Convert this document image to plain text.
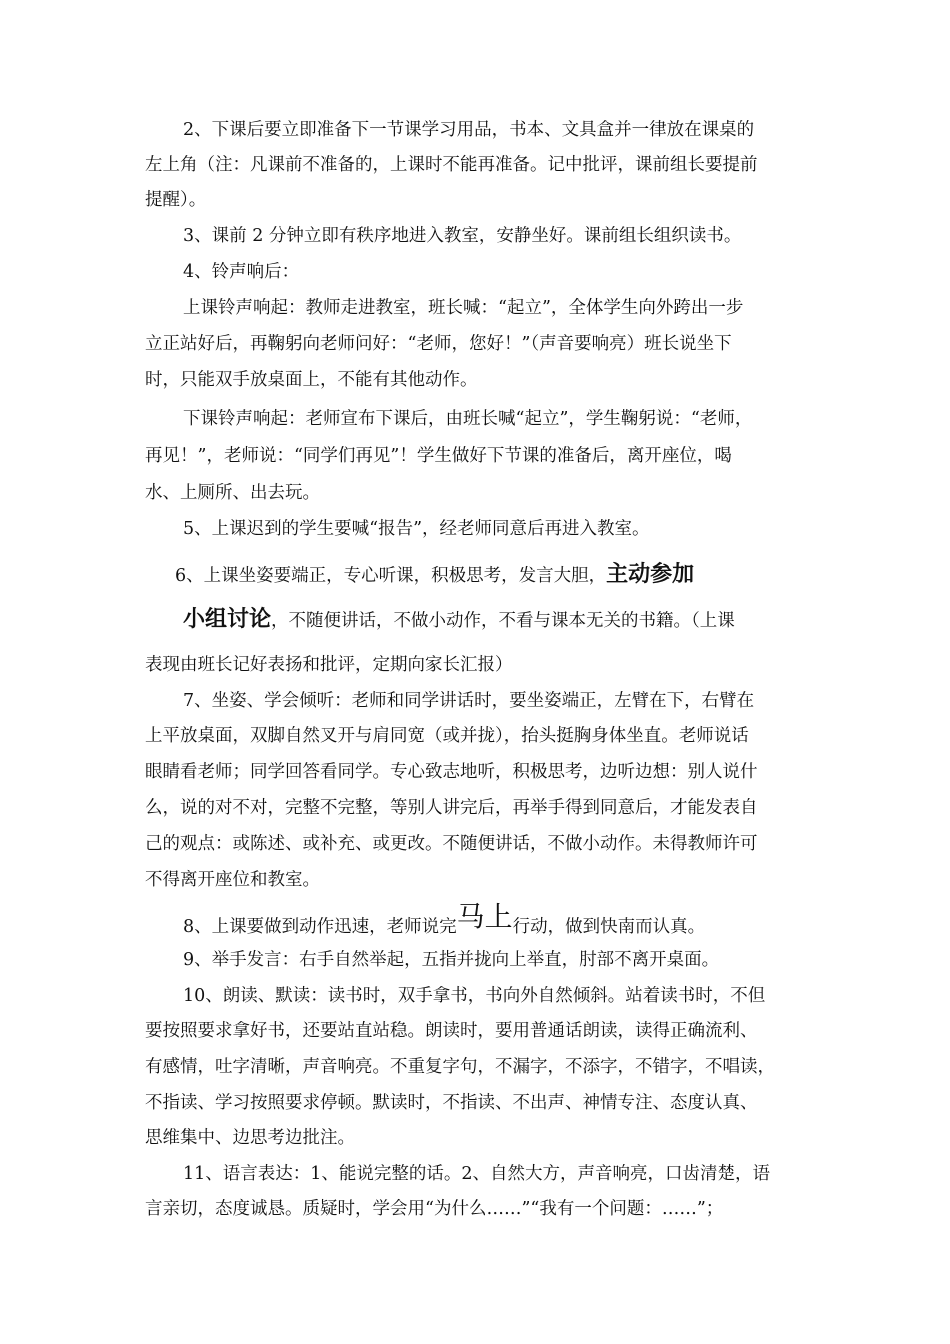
2、下课后要立即准备下一节课学习用品，书本、文具盒并一律放在课桌的
左上角（注：凡课前不准备的，上课时不能再准备。记中批评，课前组长要提前
提醒）。
3、课前 2 分钟立即有秩序地进入教室，安静坐好。课前组长组织读书。
4、铃声响后：
上课铃声响起：教师走进教室，班长喊：“起立”，全体学生向外跨出一步
立正站好后，再鞠躬向老师问好：“老师，您好！”（声音要响亮）班长说坐下
时，只能双手放桌面上，不能有其他动作。
下课铃声响起：老师宣布下课后，由班长喊“起立”，学生鞠躬说：“老师，
再见！”，老师说：“同学们再见”！学生做好下节课的准备后，离开座位，喝
水、上厕所、出去玩。
5、上课迟到的学生要喊“报告”，经老师同意后再进入教室。
6、上课坐姿要端正，专心听课，积极思考，发言大胆，主动参加
小组讨论，不随便讲话，不做小动作，不看与课本无关的书籍。（上课
表现由班长记好表扬和批评，定期向家长汇报）
7、坐姿、学会倾听：老师和同学讲话时，要坐姿端正，左臂在下，右臂在
上平放桌面，双脚自然叉开与肩同宽（或并拢），抬头挺胸身体坐直。老师说话
眼睛看老师；同学回答看同学。专心致志地听，积极思考，边听边想：别人说什
么，说的对不对，完整不完整，等别人讲完后，再举手得到同意后，才能发表自
己的观点：或陈述、或补充、或更改。不随便讲话，不做小动作。未得教师许可
不得离开座位和教室。
8、上课要做到动作迅速，老师说完马上行动，做到快南而认真。
9、举手发言：右手自然举起，五指并拢向上举直，肘部不离开桌面。
10、朗读、默读：读书时，双手拿书，书向外自然倾斜。站着读书时，不但
要按照要求拿好书，还要站直站稳。朗读时，要用普通话朗读，读得正确流利、
有感情，吐字清晰，声音响亮。不重复字句，不漏字，不添字，不错字，不唱读，
不指读、学习按照要求停顿。默读时，不指读、不出声、神情专注、态度认真、
思维集中、边思考边批注。
11、语言表达：1、能说完整的话。2、自然大方，声音响亮，口齿清楚，语
言亲切，态度诚恳。质疑时，学会用“为什么……”“我有一个问题：……”；
